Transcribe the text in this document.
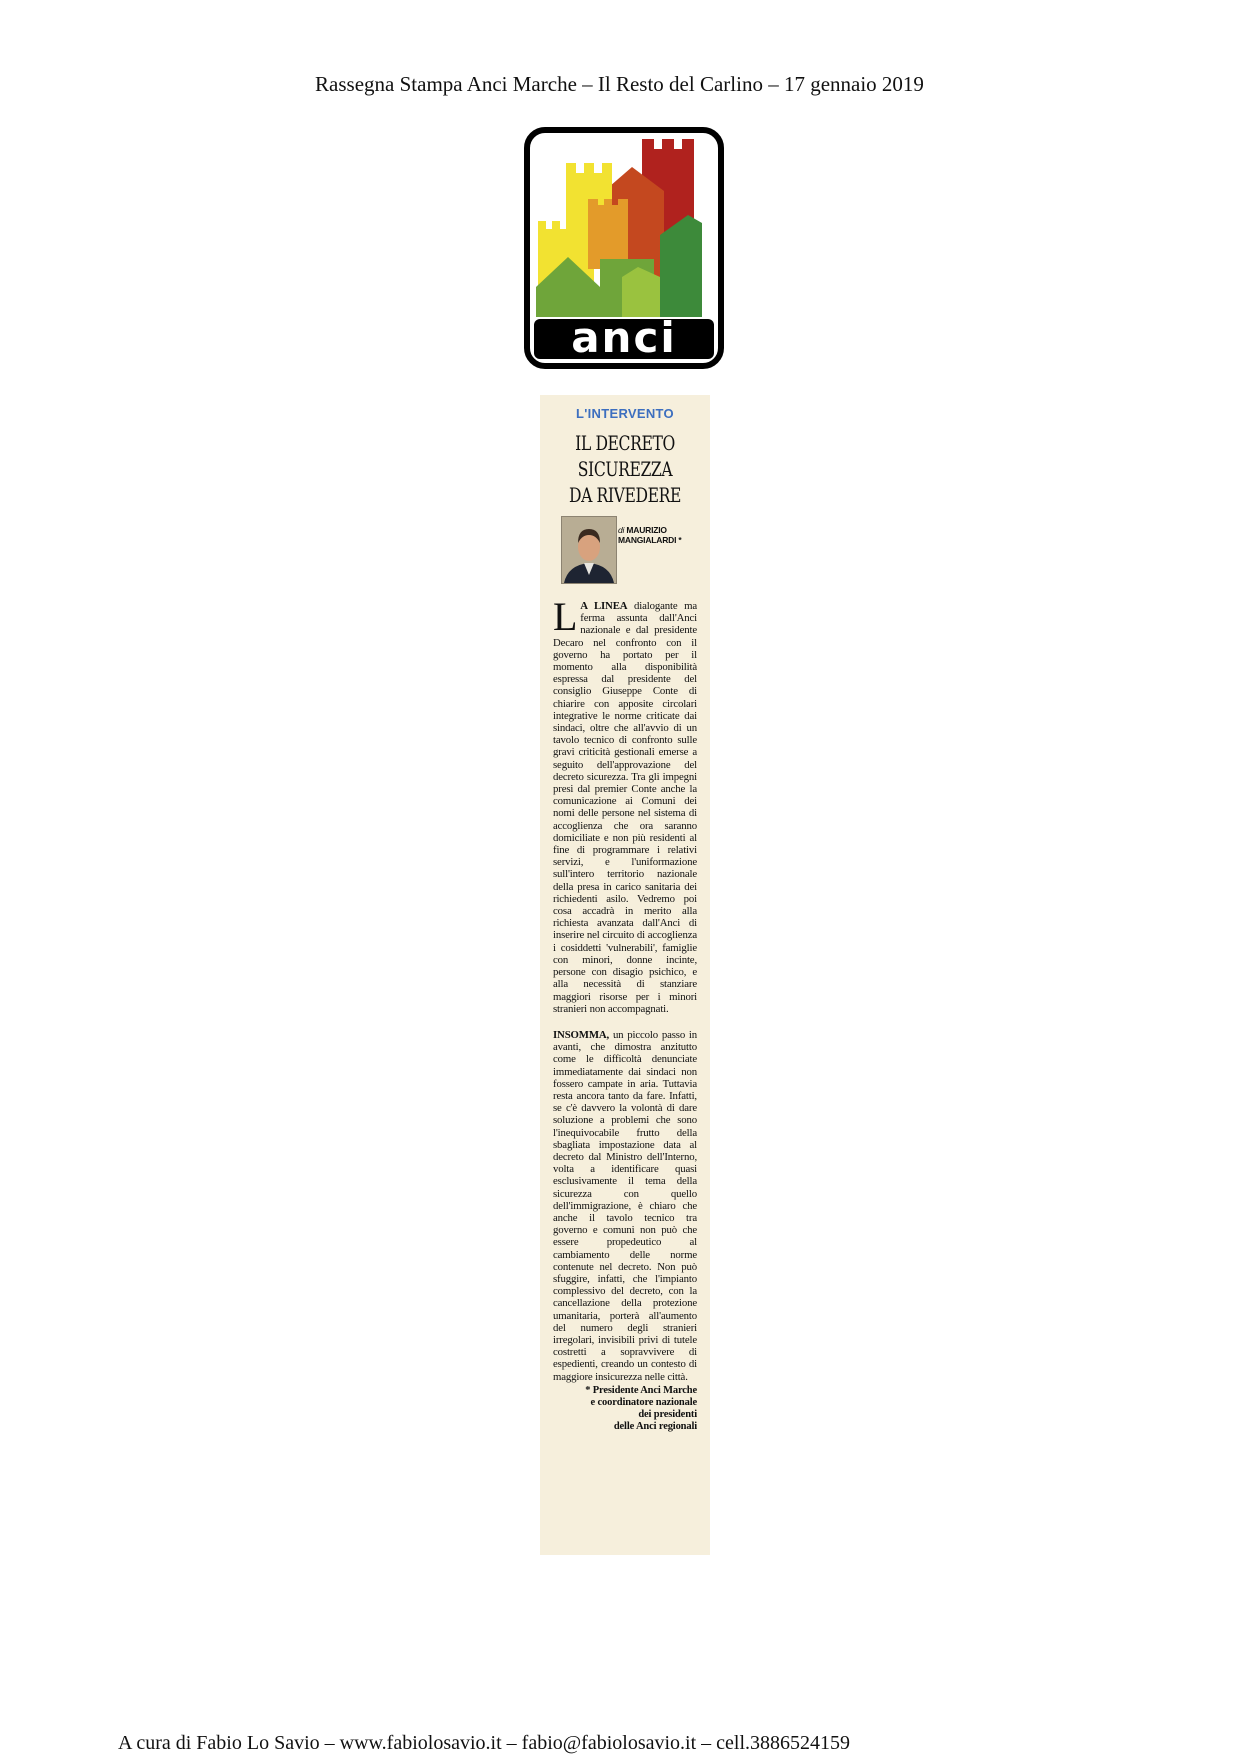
Rassegna Stampa Anci Marche – Il Resto del Carlino – 17 gennaio 2019
anci
L'INTERVENTO
IL DECRETO
SICUREZZA
DA RIVEDERE
di MAURIZIO MANGIALARDI *

L A LINEA dialogante ma ferma assunta dall'Anci nazionale e dal presidente Decaro nel confronto con il governo ha portato per il momento alla disponibilità espressa dal presidente del consiglio Giuseppe Conte di chiarire con apposite circolari integrative le norme criticate dai sindaci, oltre che all'avvio di un tavolo tecnico di confronto sulle gravi criticità gestionali emerse a seguito dell'approvazione del decreto sicurezza. Tra gli impegni presi dal premier Conte anche la comunicazione ai Comuni dei nomi delle persone nel sistema di accoglienza che ora saranno domiciliate e non più residenti al fine di programmare i relativi servizi, e l'uniformazione sull'intero territorio nazionale della presa in carico sanitaria dei richiedenti asilo. Vedremo poi cosa accadrà in merito alla richiesta avanzata dall'Anci di inserire nel circuito di accoglienza i cosiddetti 'vulnerabili', famiglie con minori, donne incinte, persone con disagio psichico, e alla necessità di stanziare maggiori risorse per i minori stranieri non accompagnati.

INSOMMA, un piccolo passo in avanti, che dimostra anzitutto come le difficoltà denunciate immediatamente dai sindaci non fossero campate in aria. Tuttavia resta ancora tanto da fare. Infatti, se c'è davvero la volontà di dare soluzione a problemi che sono l'inequivocabile frutto della sbagliata impostazione data al decreto dal Ministro dell'Interno, volta a identificare quasi esclusivamente il tema della sicurezza con quello dell'immigrazione, è chiaro che anche il tavolo tecnico tra governo e comuni non può che essere propedeutico al cambiamento delle norme contenute nel decreto. Non può sfuggire, infatti, che l'impianto complessivo del decreto, con la cancellazione della protezione umanitaria, porterà all'aumento del numero degli stranieri irregolari, invisibili privi di tutele costretti a sopravvivere di espedienti, creando un contesto di maggiore insicurezza nelle città.

* Presidente Anci Marche
e coordinatore nazionale
dei presidenti
delle Anci regionali
A cura di Fabio Lo Savio – www.fabiolosavio.it – fabio@fabiolosavio.it – cell.3886524159
